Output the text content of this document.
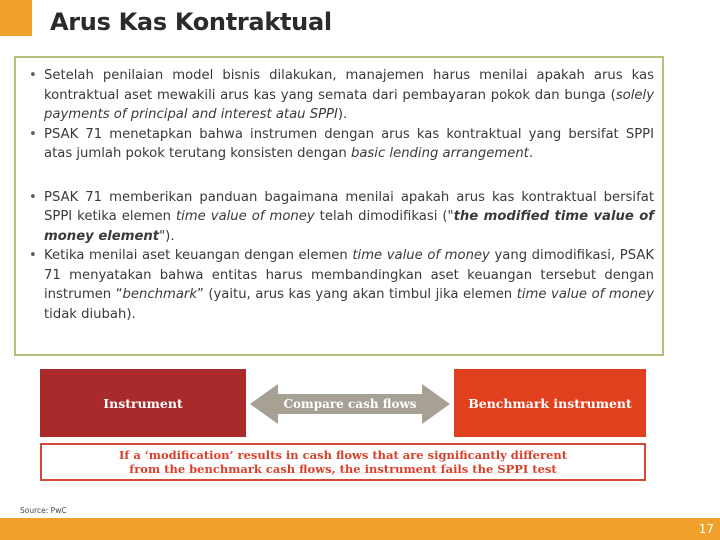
Arus Kas Kontraktual
• Setelah penilaian model bisnis dilakukan, manajemen harus menilai apakah arus kas kontraktual aset mewakili arus kas yang semata dari pembayaran pokok dan bunga (solely payments of principal and interest atau SPPI).
• PSAK 71 menetapkan bahwa instrumen dengan arus kas kontraktual yang bersifat SPPI atas jumlah pokok terutang konsisten dengan basic lending arrangement.
• PSAK 71 memberikan panduan bagaimana menilai apakah arus kas kontraktual bersifat SPPI ketika elemen time value of money telah dimodifikasi ("the modified time value of money element").
• Ketika menilai aset keuangan dengan elemen time value of money yang dimodifikasi, PSAK 71 menyatakan bahwa entitas harus membandingkan aset keuangan tersebut dengan instrumen “benchmark” (yaitu, arus kas yang akan timbul jika elemen time value of money tidak diubah).
Instrument	Compare cash flows	Benchmark instrument
If a ‘modification’ results in cash flows that are significantly different
from the benchmark cash flows, the instrument fails the SPPI test
Source: PwC
17
